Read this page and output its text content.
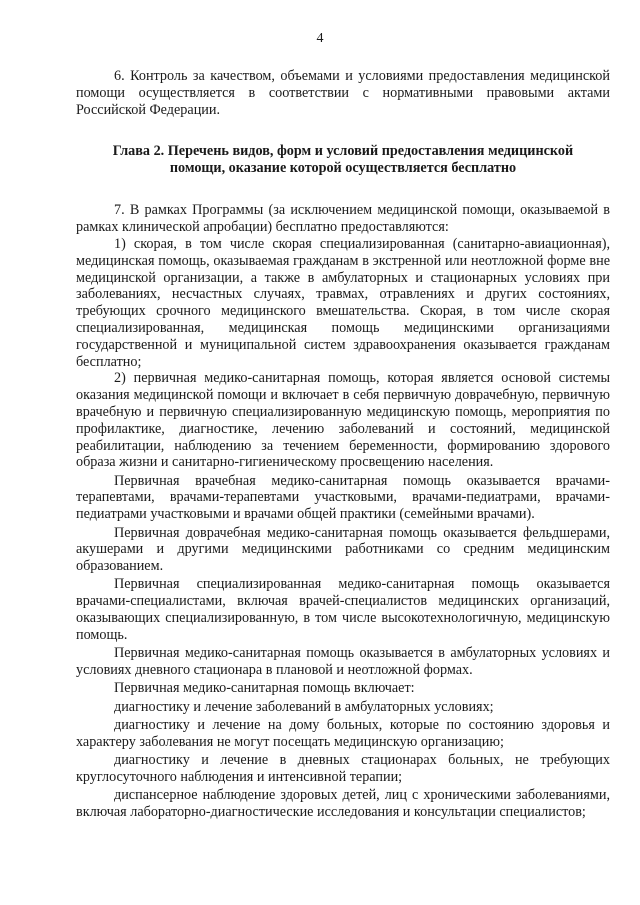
4

6. Контроль за качеством, объемами и условиями предоставления медицинской помощи осуществляется в соответствии с нормативными правовыми актами Российской Федерации.

Глава 2. Перечень видов, форм и условий предоставления медицинской помощи, оказание которой осуществляется бесплатно

7. В рамках Программы (за исключением медицинской помощи, оказываемой в рамках клинической апробации) бесплатно предоставляются:

1) скорая, в том числе скорая специализированная (санитарно-авиационная), медицинская помощь, оказываемая гражданам в экстренной или неотложной форме вне медицинской организации, а также в амбулаторных и стационарных условиях при заболеваниях, несчастных случаях, травмах, отравлениях и других состояниях, требующих срочного медицинского вмешательства. Скорая, в том числе скорая специализированная, медицинская помощь медицинскими организациями государственной и муниципальной систем здравоохранения оказывается гражданам бесплатно;

2) первичная медико-санитарная помощь, которая является основой системы оказания медицинской помощи и включает в себя первичную доврачебную, первичную врачебную и первичную специализированную медицинскую помощь, мероприятия по профилактике, диагностике, лечению заболеваний и состояний, медицинской реабилитации, наблюдению за течением беременности, формированию здорового образа жизни и санитарно-гигиеническому просвещению населения.

Первичная врачебная медико-санитарная помощь оказывается врачами-терапевтами, врачами-терапевтами участковыми, врачами-педиатрами, врачами-педиатрами участковыми и врачами общей практики (семейными врачами).

Первичная доврачебная медико-санитарная помощь оказывается фельдшерами, акушерами и другими медицинскими работниками со средним медицинским образованием.

Первичная специализированная медико-санитарная помощь оказывается врачами-специалистами, включая врачей-специалистов медицинских организаций, оказывающих специализированную, в том числе высокотехнологичную, медицинскую помощь.

Первичная медико-санитарная помощь оказывается в амбулаторных условиях и условиях дневного стационара в плановой и неотложной формах.

Первичная медико-санитарная помощь включает:

диагностику и лечение заболеваний в амбулаторных условиях;

диагностику и лечение на дому больных, которые по состоянию здоровья и характеру заболевания не могут посещать медицинскую организацию;

диагностику и лечение в дневных стационарах больных, не требующих круглосуточного наблюдения и интенсивной терапии;

диспансерное наблюдение здоровых детей, лиц с хроническими заболеваниями, включая лабораторно-диагностические исследования и консультации специалистов;
